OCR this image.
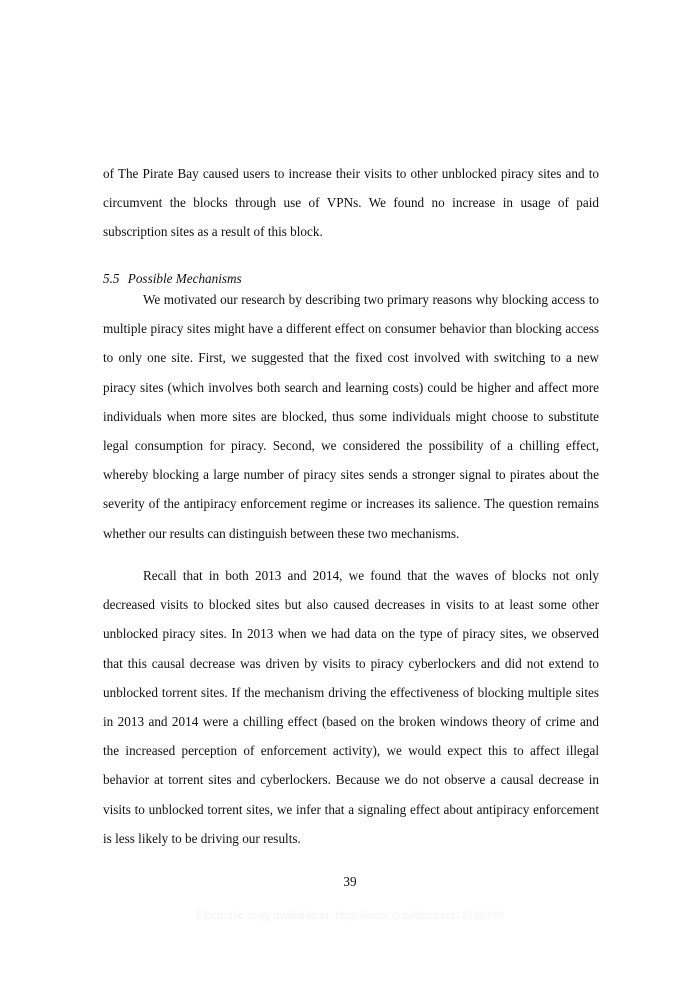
of The Pirate Bay caused users to increase their visits to other unblocked piracy sites and to circumvent the blocks through use of VPNs. We found no increase in usage of paid subscription sites as a result of this block.

5.5 Possible Mechanisms

We motivated our research by describing two primary reasons why blocking access to multiple piracy sites might have a different effect on consumer behavior than blocking access to only one site. First, we suggested that the fixed cost involved with switching to a new piracy sites (which involves both search and learning costs) could be higher and affect more individuals when more sites are blocked, thus some individuals might choose to substitute legal consumption for piracy. Second, we considered the possibility of a chilling effect, whereby blocking a large number of piracy sites sends a stronger signal to pirates about the severity of the antipiracy enforcement regime or increases its salience. The question remains whether our results can distinguish between these two mechanisms.

Recall that in both 2013 and 2014, we found that the waves of blocks not only decreased visits to blocked sites but also caused decreases in visits to at least some other unblocked piracy sites. In 2013 when we had data on the type of piracy sites, we observed that this causal decrease was driven by visits to piracy cyberlockers and did not extend to unblocked torrent sites. If the mechanism driving the effectiveness of blocking multiple sites in 2013 and 2014 were a chilling effect (based on the broken windows theory of crime and the increased perception of enforcement activity), we would expect this to affect illegal behavior at torrent sites and cyberlockers. Because we do not observe a causal decrease in visits to unblocked torrent sites, we infer that a signaling effect about antipiracy enforcement is less likely to be driving our results.

39
Electronic copy available at: https://ssrn.com/abstract=2766795
